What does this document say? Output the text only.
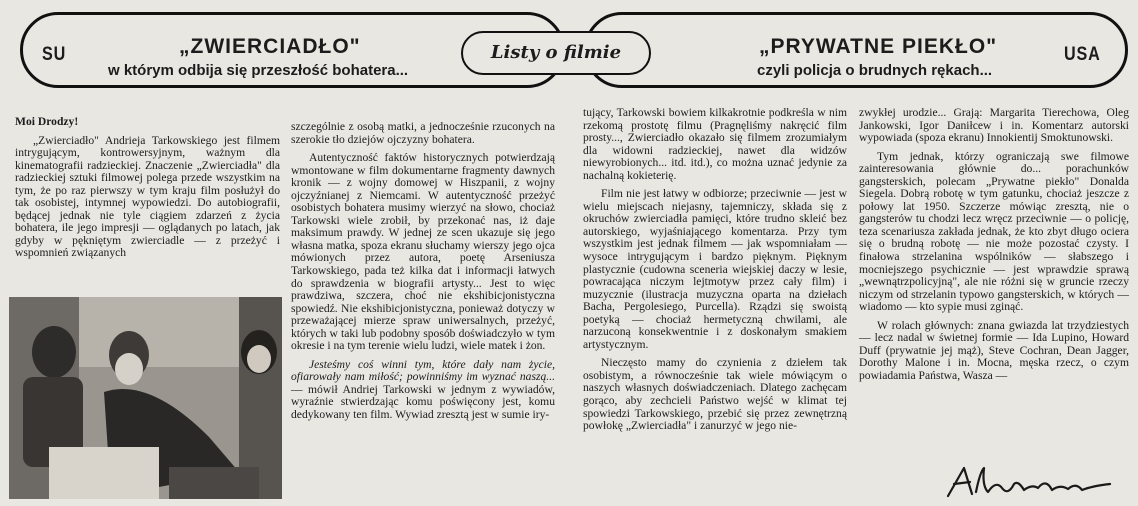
SU	„ZWIERCIADŁO"
w którym odbija się przeszłość bohatera...
Listy o filmie	„PRYWATNE PIEKŁO"
czyli policja o brudnych rękach...
USA

Moi Drodzy!

„Zwierciadło" Andrieja Tarkowskiego jest filmem intrygującym, kontrowersyjnym, ważnym dla kinematografii radzieckiej. Znaczenie „Zwierciadła" dla radzieckiej sztuki filmowej polega przede wszystkim na tym, że po raz pierwszy w tym kraju film posłużył do tak osobistej, intymnej wypowiedzi. Do autobiografii, będącej jednak nie tyle ciągiem zdarzeń z życia bohatera, ile jego impresji — oglądanych po latach, jak gdyby w pękniętym zwierciadle — z przeżyć i wspomnień związanych

szczególnie z osobą matki, a jednocześnie rzuconych na szerokie tło dziejów ojczyzny bohatera.

Autentyczność faktów historycznych potwierdzają wmontowane w film dokumentarne fragmenty dawnych kronik — z wojny domowej w Hiszpanii, z wojny ojczyźnianej z Niemcami. W autentyczność przeżyć osobistych bohatera musimy wierzyć na słowo, chociaż Tarkowski wiele zrobił, by przekonać nas, iż daje maksimum prawdy. W jednej ze scen ukazuje się jego własna matka, spoza ekranu słuchamy wierszy jego ojca mówionych przez autora, poetę Arseniusza Tarkowskiego, pada też kilka dat i informacji łatwych do sprawdzenia w biografii artysty... Jest to więc prawdziwa, szczera, choć nie ekshibicjonistyczna spowiedź. Nie ekshibicjonistyczna, ponieważ dotyczy w przeważającej mierze spraw uniwersalnych, przeżyć, których w taki lub podobny sposób doświadczyło w tym okresie i na tym terenie wielu ludzi, wiele matek i żon.

Jesteśmy coś winni tym, które dały nam życie, ofiarowały nam miłość; powinniśmy im wyznać naszą... — mówił Andriej Tarkowski w jednym z wywiadów, wyraźnie stwierdzając komu poświęcony jest, komu dedykowany ten film. Wywiad zresztą jest w sumie iry-

tujący, Tarkowski bowiem kilkakrotnie podkreśla w nim rzekomą prostotę filmu (Pragnęliśmy nakręcić film prosty..., Zwierciadło okazało się filmem zrozumiałym dla widowni radzieckiej, nawet dla widzów niewyrobionych... itd. itd.), co można uznać jedynie za nachalną kokieterię.

Film nie jest łatwy w odbiorze; przeciwnie — jest w wielu miejscach niejasny, tajemniczy, składa się z okruchów zwierciadła pamięci, które trudno skleić bez autorskiego, wyjaśniającego komentarza. Przy tym wszystkim jest jednak filmem — jak wspomniałam — wysoce intrygującym i bardzo pięknym. Pięknym plastycznie (cudowna sceneria wiejskiej daczy w lesie, powracająca niczym lejtmotyw przez cały film) i muzycznie (ilustracja muzyczna oparta na dziełach Bacha, Pergolesiego, Purcella). Rządzi się swoistą poetyką — chociaż hermetyczną chwilami, ale narzuconą konsekwentnie i z doskonałym smakiem artystycznym.

Nieczęsto mamy do czynienia z dziełem tak osobistym, a równocześnie tak wiele mówiącym o naszych własnych doświadczeniach. Dlatego zachęcam gorąco, aby zechcieli Państwo wejść w klimat tej spowiedzi Tarkowskiego, przebić się przez zewnętrzną powłokę „Zwierciadła" i zanurzyć w jego nie-

zwykłej urodzie... Grają: Margarita Tierechowa, Oleg Jankowski, Igor Daniłcew i in. Komentarz autorski wypowiada (spoza ekranu) Innokientij Smoktunowski.

Tym jednak, którzy ograniczają swe filmowe zainteresowania głównie do... porachunków gangsterskich, polecam „Prywatne piekło" Donalda Siegela. Dobrą robotę w tym gatunku, chociaż jeszcze z połowy lat 1950. Szczerze mówiąc zresztą, nie o gangsterów tu chodzi lecz wręcz przeciwnie — o policję, teza scenariusza zakłada jednak, że kto zbyt długo ociera się o brudną robotę — nie może pozostać czysty. I finałowa strzelanina wspólników — słabszego i mocniejszego psychicznie — jest wprawdzie sprawą „wewnątrzpolicyjną", ale nie różni się w gruncie rzeczy niczym od strzelanin typowo gangsterskich, w których — wiadomo — kto sypie musi zginąć.

W rolach głównych: znana gwiazda lat trzydziestych — lecz nadal w świetnej formie — Ida Lupino, Howard Duff (prywatnie jej mąż), Steve Cochran, Dean Jagger, Dorothy Malone i in. Mocna, męska rzecz, o czym powiadamia Państwa, Wasza —
